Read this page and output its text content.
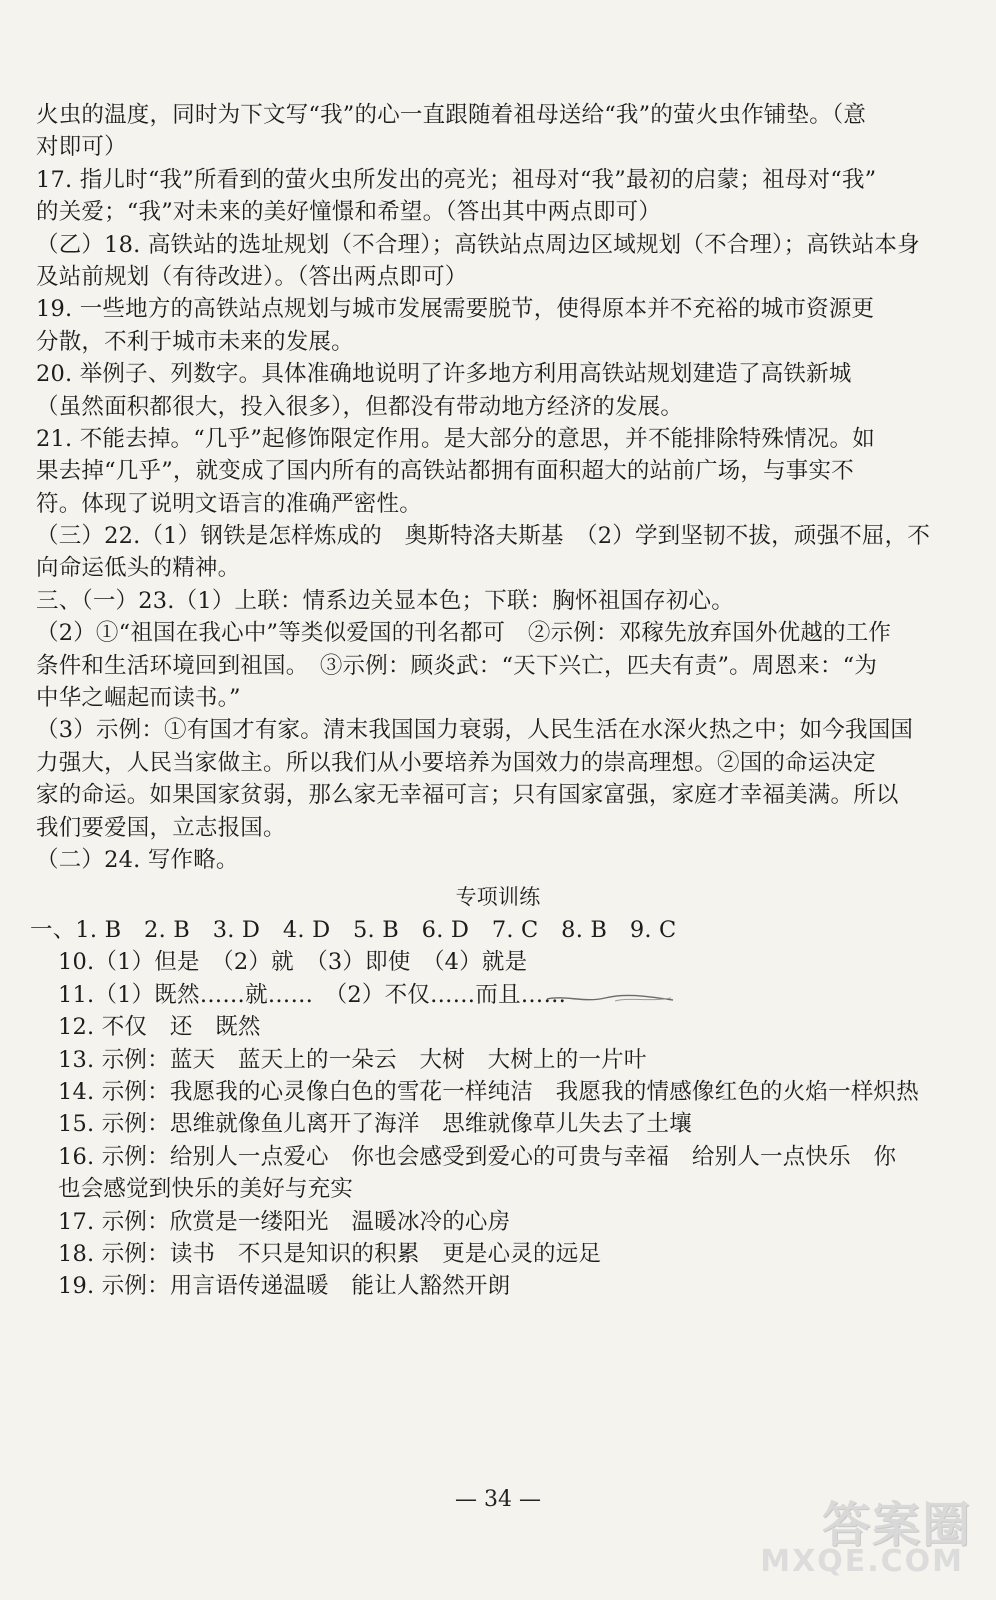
火虫的温度，同时为下文写“我”的心一直跟随着祖母送给“我”的萤火虫作铺垫。（意
对即可）
17. 指儿时“我”所看到的萤火虫所发出的亮光；祖母对“我”最初的启蒙；祖母对“我”
的关爱；“我”对未来的美好憧憬和希望。（答出其中两点即可）
（乙）18. 高铁站的选址规划（不合理）；高铁站点周边区域规划（不合理）；高铁站本身
及站前规划（有待改进）。（答出两点即可）
19. 一些地方的高铁站点规划与城市发展需要脱节，使得原本并不充裕的城市资源更
分散，不利于城市未来的发展。
20. 举例子、列数字。具体准确地说明了许多地方利用高铁站规划建造了高铁新城
（虽然面积都很大，投入很多），但都没有带动地方经济的发展。
21. 不能去掉。“几乎”起修饰限定作用。是大部分的意思，并不能排除特殊情况。如
果去掉“几乎”，就变成了国内所有的高铁站都拥有面积超大的站前广场，与事实不
符。体现了说明文语言的准确严密性。
（三）22.（1）钢铁是怎样炼成的　奥斯特洛夫斯基　（2）学到坚韧不拔，顽强不屈，不
向命运低头的精神。
三、（一）23.（1）上联：情系边关显本色；下联：胸怀祖国存初心。
（2）①“祖国在我心中”等类似爱国的刊名都可　②示例：邓稼先放弃国外优越的工作
条件和生活环境回到祖国。　③示例：顾炎武：“天下兴亡，匹夫有责”。周恩来：“为
中华之崛起而读书。”
（3）示例：①有国才有家。清末我国国力衰弱，人民生活在水深火热之中；如今我国国
力强大，人民当家做主。所以我们从小要培养为国效力的崇高理想。②国的命运决定
家的命运。如果国家贫弱，那么家无幸福可言；只有国家富强，家庭才幸福美满。所以
我们要爱国，立志报国。
（二）24. 写作略。
专项训练
一、1. B　2. B　3. D　4. D　5. B　6. D　7. C　8. B　9. C
10.（1）但是　（2）就　（3）即使　（4）就是
11.（1）既然……就……　（2）不仅……而且……
12. 不仅　还　既然
13. 示例：蓝天　蓝天上的一朵云　大树　大树上的一片叶
14. 示例：我愿我的心灵像白色的雪花一样纯洁　我愿我的情感像红色的火焰一样炽热
15. 示例：思维就像鱼儿离开了海洋　思维就像草儿失去了土壤
16. 示例：给别人一点爱心　你也会感受到爱心的可贵与幸福　给别人一点快乐　你
也会感觉到快乐的美好与充实
17. 示例：欣赏是一缕阳光　温暖冰冷的心房
18. 示例：读书　不只是知识的积累　更是心灵的远足
19. 示例：用言语传递温暖　能让人豁然开朗
— 34 —	答案圈
MXQE.COM
